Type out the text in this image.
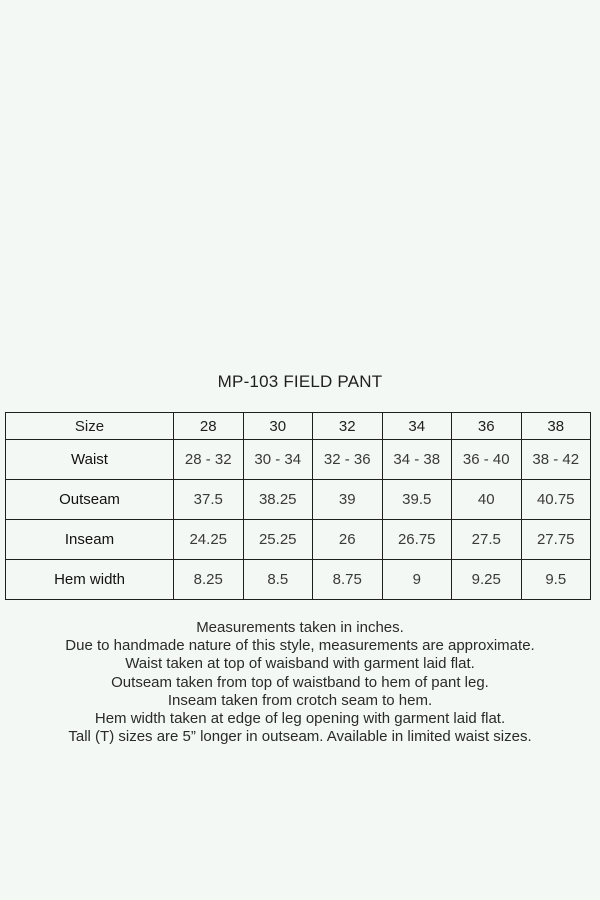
MP-103 FIELD PANT
Size	28	30	32	34	36	38
Waist	28 - 32	30 - 34	32 - 36	34 - 38	36 - 40	38 - 42
Outseam	37.5	38.25	39	39.5	40	40.75
Inseam	24.25	25.25	26	26.75	27.5	27.75
Hem width	8.25	8.5	8.75	9	9.25	9.5
Measurements taken in inches.
Due to handmade nature of this style, measurements are approximate.
Waist taken at top of waisband with garment laid flat.
Outseam taken from top of waistband to hem of pant leg.
Inseam taken from crotch seam to hem.
Hem width taken at edge of leg opening with garment laid flat.
Tall (T) sizes are 5” longer in outseam. Available in limited waist sizes.
